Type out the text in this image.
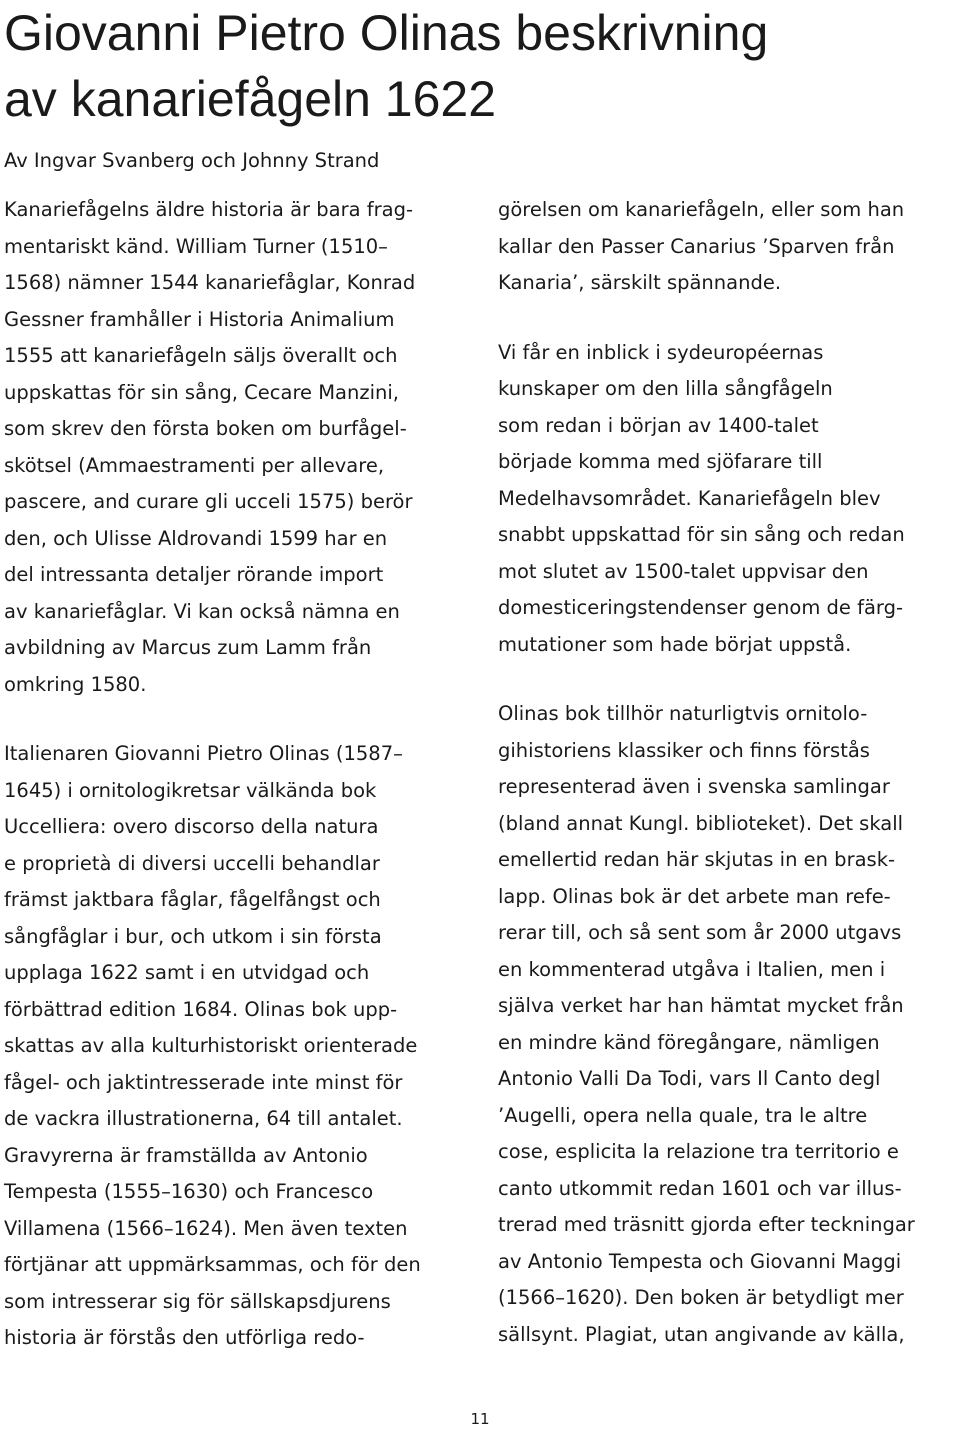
Giovanni Pietro Olinas beskrivning
av kanariefågeln 1622
Av Ingvar Svanberg och Johnny Strand

Kanariefågelns äldre historia är bara frag-
mentariskt känd. William Turner (1510–
1568) nämner 1544 kanariefåglar, Konrad
Gessner framhåller i Historia Animalium
1555 att kanariefågeln säljs överallt och
uppskattas för sin sång, Cecare Manzini,
som skrev den första boken om burfågel-
skötsel (Ammaestramenti per allevare,
pascere, and curare gli ucceli 1575) berör
den, och Ulisse Aldrovandi 1599 har en
del intressanta detaljer rörande import
av kanariefåglar. Vi kan också nämna en
avbildning av Marcus zum Lamm från
omkring 1580.

Italienaren Giovanni Pietro Olinas (1587–
1645) i ornitologikretsar välkända bok
Uccelliera: overo discorso della natura
e proprietà di diversi uccelli behandlar
främst jaktbara fåglar, fågelfångst och
sångfåglar i bur, och utkom i sin första
upplaga 1622 samt i en utvidgad och
förbättrad edition 1684. Olinas bok upp-
skattas av alla kulturhistoriskt orienterade
fågel- och jaktintresserade inte minst för
de vackra illustrationerna, 64 till antalet.
Gravyrerna är framställda av Antonio
Tempesta (1555–1630) och Francesco
Villamena (1566–1624). Men även texten
förtjänar att uppmärksammas, och för den
som intresserar sig för sällskapsdjurens
historia är förstås den utförliga redo-

görelsen om kanariefågeln, eller som han
kallar den Passer Canarius ’Sparven från
Kanaria’, särskilt spännande.

Vi får en inblick i sydeuropéernas
kunskaper om den lilla sångfågeln
som redan i början av 1400-talet
började komma med sjöfarare till
Medelhavsområdet. Kanariefågeln blev
snabbt uppskattad för sin sång och redan
mot slutet av 1500-talet uppvisar den
domesticeringstendenser genom de färg-
mutationer som hade börjat uppstå.

Olinas bok tillhör naturligtvis ornitolo-
gihistoriens klassiker och finns förstås
representerad även i svenska samlingar
(bland annat Kungl. biblioteket). Det skall
emellertid redan här skjutas in en brask-
lapp. Olinas bok är det arbete man refe-
rerar till, och så sent som år 2000 utgavs
en kommenterad utgåva i Italien, men i
själva verket har han hämtat mycket från
en mindre känd föregångare, nämligen
Antonio Valli Da Todi, vars Il Canto degl
’Augelli, opera nella quale, tra le altre
cose, esplicita la relazione tra territorio e
canto utkommit redan 1601 och var illus-
trerad med träsnitt gjorda efter teckningar
av Antonio Tempesta och Giovanni Maggi
(1566–1620). Den boken är betydligt mer
sällsynt. Plagiat, utan angivande av källa,

11
